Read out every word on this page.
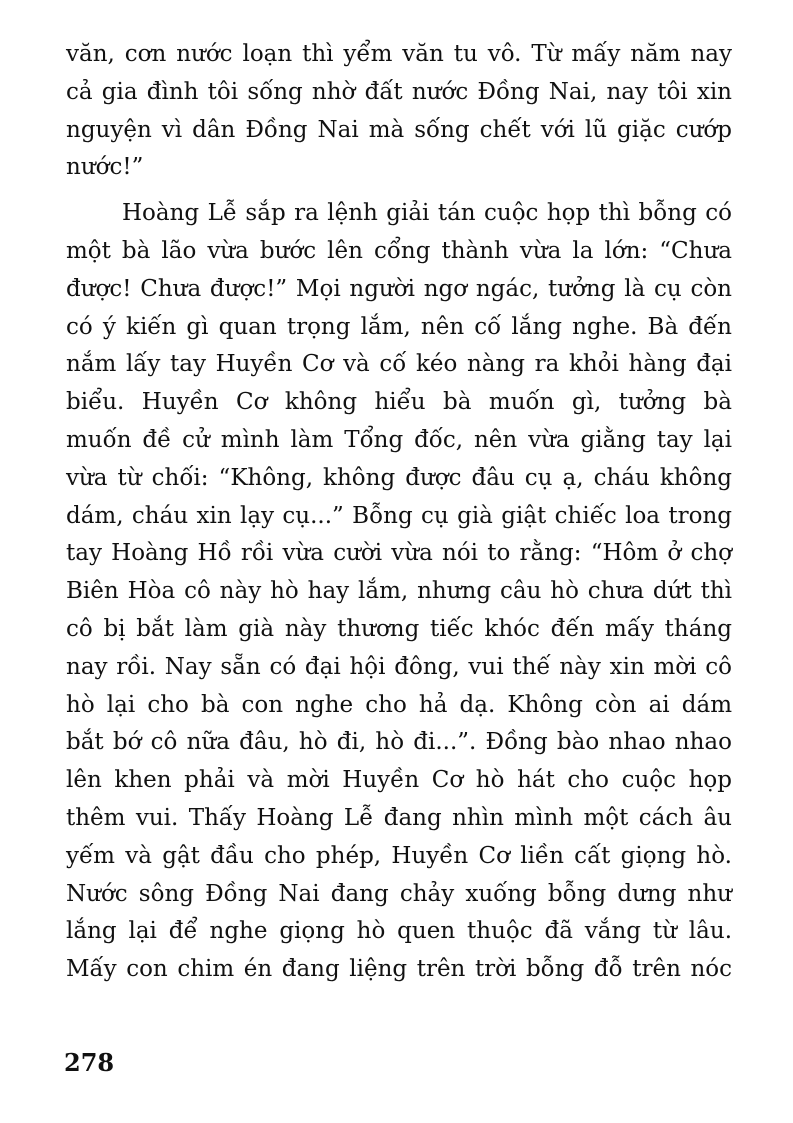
văn, cơn nước loạn thì yểm văn tu vô. Từ mấy năm nay
cả gia đình tôi sống nhờ đất nước Đồng Nai, nay tôi xin
nguyện vì dân Đồng Nai mà sống chết với lũ giặc cướp
nước!”
Hoàng Lễ sắp ra lệnh giải tán cuộc họp thì bỗng có
một bà lão vừa bước lên cổng thành vừa la lớn: “Chưa
được! Chưa được!” Mọi người ngơ ngác, tưởng là cụ còn
có ý kiến gì quan trọng lắm, nên cố lắng nghe. Bà đến
nắm lấy tay Huyền Cơ và cố kéo nàng ra khỏi hàng đại
biểu. Huyền Cơ không hiểu bà muốn gì, tưởng bà
muốn đề cử mình làm Tổng đốc, nên vừa giằng tay lại
vừa từ chối: “Không, không được đâu cụ ạ, cháu không
dám, cháu xin lạy cụ...” Bỗng cụ già giật chiếc loa trong
tay Hoàng Hồ rồi vừa cười vừa nói to rằng: “Hôm ở chợ
Biên Hòa cô này hò hay lắm, nhưng câu hò chưa dứt thì
cô bị bắt làm già này thương tiếc khóc đến mấy tháng
nay rồi. Nay sẵn có đại hội đông, vui thế này xin mời cô
hò lại cho bà con nghe cho hả dạ. Không còn ai dám
bắt bớ cô nữa đâu, hò đi, hò đi...”. Đồng bào nhao nhao
lên khen phải và mời Huyền Cơ hò hát cho cuộc họp
thêm vui. Thấy Hoàng Lễ đang nhìn mình một cách âu
yếm và gật đầu cho phép, Huyền Cơ liền cất giọng hò.
Nước sông Đồng Nai đang chảy xuống bỗng dưng như
lắng lại để nghe giọng hò quen thuộc đã vắng từ lâu.
Mấy con chim én đang liệng trên trời bỗng đỗ trên nóc
278
